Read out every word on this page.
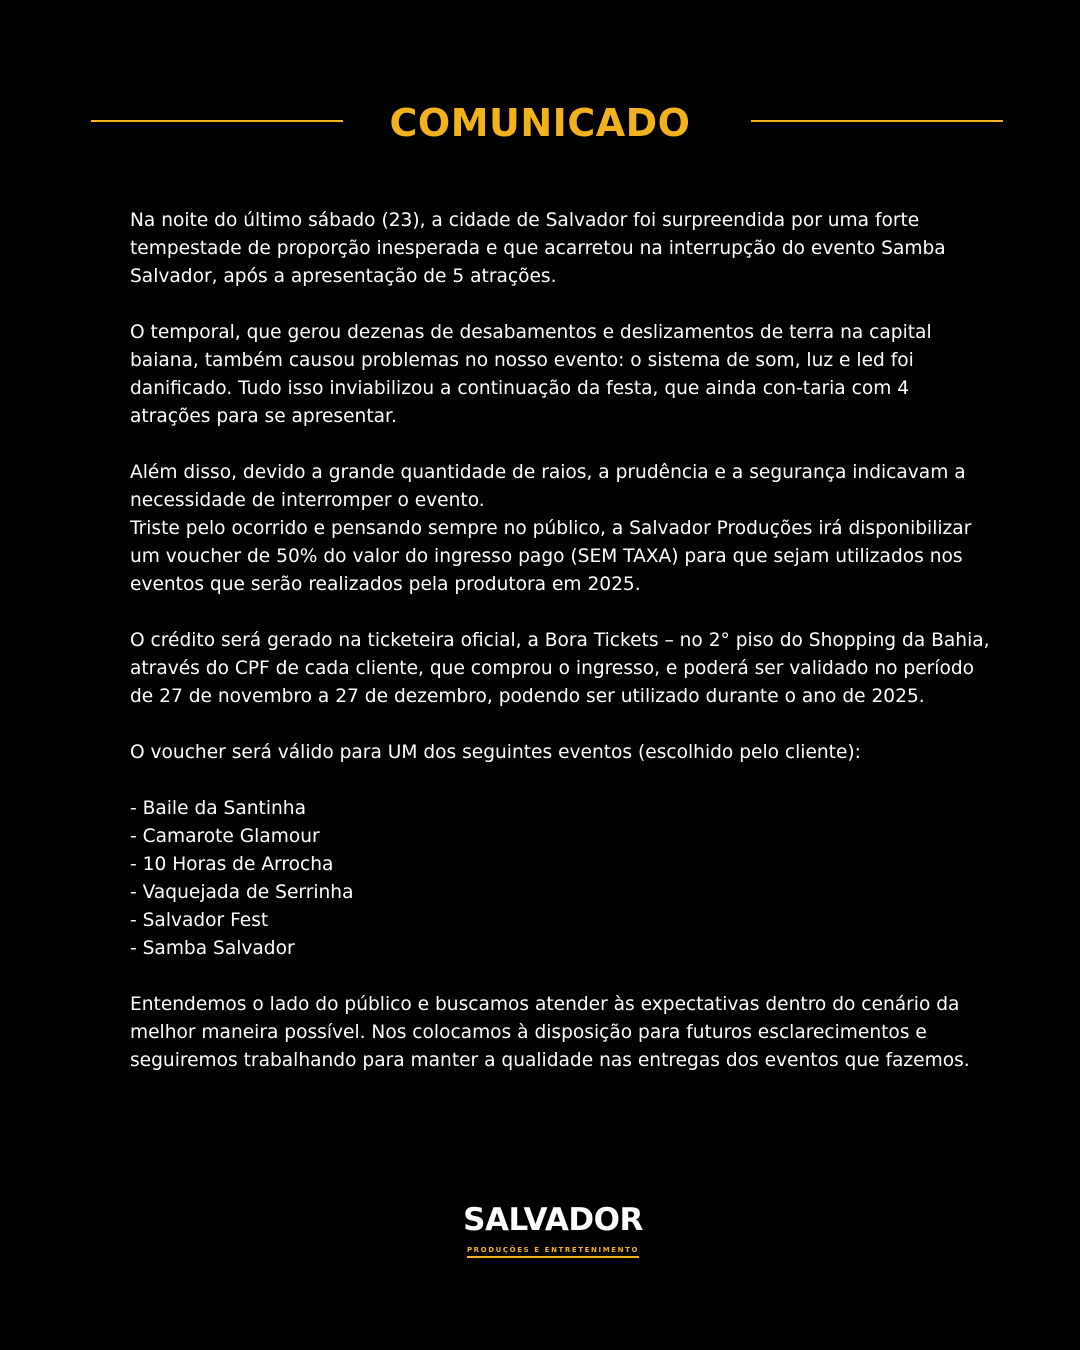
COMUNICADO

Na noite do último sábado (23), a cidade de Salvador foi surpreendida por uma forte tempestade de proporção inesperada e que acarretou na interrupção do evento Samba Salvador, após a apresentação de 5 atrações.

O temporal, que gerou dezenas de desabamentos e deslizamentos de terra na capital baiana, também causou problemas no nosso evento: o sistema de som, luz e led foi danificado. Tudo isso inviabilizou a continuação da festa, que ainda con-taria com 4 atrações para se apresentar.

Além disso, devido a grande quantidade de raios, a prudência e a segurança indicavam a necessidade de interromper o evento.

Triste pelo ocorrido e pensando sempre no público, a Salvador Produções irá disponibilizar um voucher de 50% do valor do ingresso pago (SEM TAXA) para que sejam utilizados nos eventos que serão realizados pela produtora em 2025.

O crédito será gerado na ticketeira oficial, a Bora Tickets – no 2° piso do Shopping da Bahia, através do CPF de cada cliente, que comprou o ingresso, e poderá ser validado no período de 27 de novembro a 27 de dezembro, podendo ser utilizado durante o ano de 2025.

O voucher será válido para UM dos seguintes eventos (escolhido pelo cliente):

- Baile da Santinha
- Camarote Glamour
- 10 Horas de Arrocha
- Vaquejada de Serrinha
- Salvador Fest
- Samba Salvador

Entendemos o lado do público e buscamos atender às expectativas dentro do cenário da melhor maneira possível. Nos colocamos à disposição para futuros esclarecimentos e seguiremos trabalhando para manter a qualidade nas entregas dos eventos que fazemos.

SALVADOR
PRODUÇÕES E ENTRETENIMENTO
